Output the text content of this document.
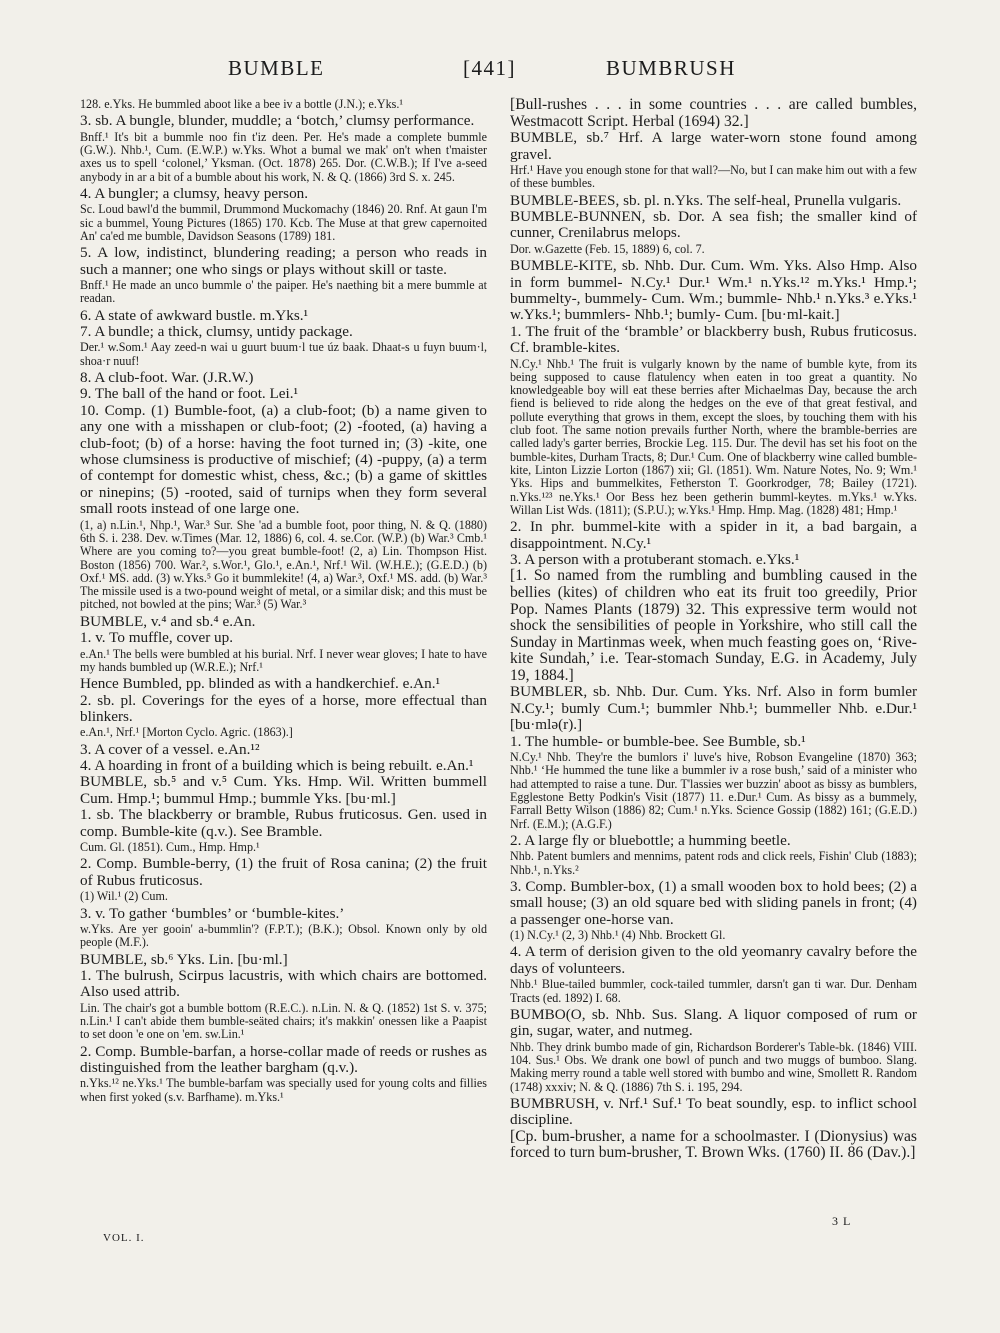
BUMBLE	[441]	BUMBRUSH

128. e.Yks. He bummled aboot like a bee iv a bottle (J.N.); e.Yks.¹

3. sb. A bungle, blunder, muddle; a ‘botch,’ clumsy performance.

Bnff.¹ It's bit a bummle noo fin t'iz deen. Per. He's made a complete bummle (G.W.). Nhb.¹, Cum. (E.W.P.) w.Yks. Whot a bumal we mak' on't when t'maister axes us to spell ‘colonel,’ Yksman. (Oct. 1878) 265. Dor. (C.W.B.); If I've a-seed anybody in ar a bit of a bumble about his work, N. & Q. (1866) 3rd S. x. 245.

4. A bungler; a clumsy, heavy person.

Sc. Loud bawl'd the bummil, Drummond Muckomachy (1846) 20. Rnf. At gaun I'm sic a bummel, Young Pictures (1865) 170. Kcb. The Muse at that grew capernoited An' ca'ed me bumble, Davidson Seasons (1789) 181.

5. A low, indistinct, blundering reading; a person who reads in such a manner; one who sings or plays without skill or taste.

Bnff.¹ He made an unco bummle o' the paiper. He's naething bit a mere bummle at readan.

6. A state of awkward bustle. m.Yks.¹

7. A bundle; a thick, clumsy, untidy package.

Der.¹ w.Som.¹ Aay zeed-n wai u guurt buum·l tue úz baak. Dhaat-s u fuyn buum·l, shoa·r nuuf!

8. A club-foot. War. (J.R.W.)

9. The ball of the hand or foot. Lei.¹

10. Comp. (1) Bumble-foot, (a) a club-foot; (b) a name given to any one with a misshapen or club-foot; (2) -footed, (a) having a club-foot; (b) of a horse: having the foot turned in; (3) -kite, one whose clumsiness is productive of mischief; (4) -puppy, (a) a term of contempt for domestic whist, chess, &c.; (b) a game of skittles or ninepins; (5) -rooted, said of turnips when they form several small roots instead of one large one.

(1, a) n.Lin.¹, Nhp.¹, War.³ Sur. She 'ad a bumble foot, poor thing, N. & Q. (1880) 6th S. i. 238. Dev. w.Times (Mar. 12, 1886) 6, col. 4. se.Cor. (W.P.) (b) War.³ Cmb.¹ Where are you coming to?—you great bumble-foot! (2, a) Lin. Thompson Hist. Boston (1856) 700. War.², s.Wor.¹, Glo.¹, e.An.¹, Nrf.¹ Wil. (W.H.E.); (G.E.D.) (b) Oxf.¹ MS. add. (3) w.Yks.⁵ Go it bummlekite! (4, a) War.³, Oxf.¹ MS. add. (b) War.³ The missile used is a two-pound weight of metal, or a similar disk; and this must be pitched, not bowled at the pins; War.³ (5) War.³

BUMBLE, v.⁴ and sb.⁴ e.An.

1. v. To muffle, cover up.

e.An.¹ The bells were bumbled at his burial. Nrf. I never wear gloves; I hate to have my hands bumbled up (W.R.E.); Nrf.¹

Hence Bumbled, pp. blinded as with a handkerchief. e.An.¹

2. sb. pl. Coverings for the eyes of a horse, more effectual than blinkers.

e.An.¹, Nrf.¹ [Morton Cyclo. Agric. (1863).]

3. A cover of a vessel. e.An.¹²

4. A hoarding in front of a building which is being rebuilt. e.An.¹

BUMBLE, sb.⁵ and v.⁵ Cum. Yks. Hmp. Wil. Written bummell Cum. Hmp.¹; bummul Hmp.; bummle Yks. [bu·ml.]

1. sb. The blackberry or bramble, Rubus fruticosus. Gen. used in comp. Bumble-kite (q.v.). See Bramble.

Cum. Gl. (1851). Cum., Hmp. Hmp.¹

2. Comp. Bumble-berry, (1) the fruit of Rosa canina; (2) the fruit of Rubus fruticosus.

(1) Wil.¹ (2) Cum.

3. v. To gather ‘bumbles’ or ‘bumble-kites.’

w.Yks. Are yer gooin' a-bummlin'? (F.P.T.); (B.K.); Obsol. Known only by old people (M.F.).

BUMBLE, sb.⁶ Yks. Lin. [bu·ml.]

1. The bulrush, Scirpus lacustris, with which chairs are bottomed. Also used attrib.

Lin. The chair's got a bumble bottom (R.E.C.). n.Lin. N. & Q. (1852) 1st S. v. 375; n.Lin.¹ I can't abide them bumble-seäted chairs; it's makkin' onessen like a Paapist to set doon 'e one on 'em. sw.Lin.¹

2. Comp. Bumble-barfan, a horse-collar made of reeds or rushes as distinguished from the leather bargham (q.v.).

n.Yks.¹² ne.Yks.¹ The bumble-barfam was specially used for young colts and fillies when first yoked (s.v. Barfhame). m.Yks.¹

[Bull-rushes . . . in some countries . . . are called bumbles, Westmacott Script. Herbal (1694) 32.]

BUMBLE, sb.⁷ Hrf. A large water-worn stone found among gravel.

Hrf.¹ Have you enough stone for that wall?—No, but I can make him out with a few of these bumbles.

BUMBLE-BEES, sb. pl. n.Yks. The self-heal, Prunella vulgaris.

BUMBLE-BUNNEN, sb. Dor. A sea fish; the smaller kind of cunner, Crenilabrus melops.

Dor. w.Gazette (Feb. 15, 1889) 6, col. 7.

BUMBLE-KITE, sb. Nhb. Dur. Cum. Wm. Yks. Also Hmp. Also in form bummel- N.Cy.¹ Dur.¹ Wm.¹ n.Yks.¹² m.Yks.¹ Hmp.¹; bummelty-, bummely- Cum. Wm.; bummle- Nhb.¹ n.Yks.³ e.Yks.¹ w.Yks.¹; bummlers- Nhb.¹; bumly- Cum. [bu·ml-kait.]

1. The fruit of the ‘bramble’ or blackberry bush, Rubus fruticosus. Cf. bramble-kites.

N.Cy.¹ Nhb.¹ The fruit is vulgarly known by the name of bumble kyte, from its being supposed to cause flatulency when eaten in too great a quantity. No knowledgeable boy will eat these berries after Michaelmas Day, because the arch fiend is believed to ride along the hedges on the eve of that great festival, and pollute everything that grows in them, except the sloes, by touching them with his club foot. The same notion prevails further North, where the bramble-berries are called lady's garter berries, Brockie Leg. 115. Dur. The devil has set his foot on the bumble-kites, Durham Tracts, 8; Dur.¹ Cum. One of blackberry wine called bumble-kite, Linton Lizzie Lorton (1867) xii; Gl. (1851). Wm. Nature Notes, No. 9; Wm.¹ Yks. Hips and bummelkites, Fetherston T. Goorkrodger, 78; Bailey (1721). n.Yks.¹²³ ne.Yks.¹ Oor Bess hez been getherin bumml-keytes. m.Yks.¹ w.Yks. Willan List Wds. (1811); (S.P.U.); w.Yks.¹ Hmp. Hmp. Mag. (1828) 481; Hmp.¹

2. In phr. bummel-kite with a spider in it, a bad bargain, a disappointment. N.Cy.¹

3. A person with a protuberant stomach. e.Yks.¹

[1. So named from the rumbling and bumbling caused in the bellies (kites) of children who eat its fruit too greedily, Prior Pop. Names Plants (1879) 32. This expressive term would not shock the sensibilities of people in Yorkshire, who still call the Sunday in Martinmas week, when much feasting goes on, ‘Rive-kite Sundah,’ i.e. Tear-stomach Sunday, E.G. in Academy, July 19, 1884.]

BUMBLER, sb. Nhb. Dur. Cum. Yks. Nrf. Also in form bumler N.Cy.¹; bumly Cum.¹; bummler Nhb.¹; bummeller Nhb. e.Dur.¹ [bu·mlə(r).]

1. The humble- or bumble-bee. See Bumble, sb.¹

N.Cy.¹ Nhb. They're the bumlors i' luve's hive, Robson Evangeline (1870) 363; Nhb.¹ ‘He hummed the tune like a bummler iv a rose bush,’ said of a minister who had attempted to raise a tune. Dur. T'lassies wer buzzin' aboot as bissy as bumblers, Egglestone Betty Podkin's Visit (1877) 11. e.Dur.¹ Cum. As bissy as a bummely, Farrall Betty Wilson (1886) 82; Cum.¹ n.Yks. Science Gossip (1882) 161; (G.E.D.) Nrf. (E.M.); (A.G.F.)

2. A large fly or bluebottle; a humming beetle.

Nhb. Patent bumlers and mennims, patent rods and click reels, Fishin' Club (1883); Nhb.¹, n.Yks.²

3. Comp. Bumbler-box, (1) a small wooden box to hold bees; (2) a small house; (3) an old square bed with sliding panels in front; (4) a passenger one-horse van.

(1) N.Cy.¹ (2, 3) Nhb.¹ (4) Nhb. Brockett Gl.

4. A term of derision given to the old yeomanry cavalry before the days of volunteers.

Nhb.¹ Blue-tailed bummler, cock-tailed tummler, darsn't gan ti war. Dur. Denham Tracts (ed. 1892) I. 68.

BUMBO(O, sb. Nhb. Sus. Slang. A liquor composed of rum or gin, sugar, water, and nutmeg.

Nhb. They drink bumbo made of gin, Richardson Borderer's Table-bk. (1846) VIII. 104. Sus.¹ Obs. We drank one bowl of punch and two muggs of bumboo. Slang. Making merry round a table well stored with bumbo and wine, Smollett R. Random (1748) xxxiv; N. & Q. (1886) 7th S. i. 195, 294.

BUMBRUSH, v. Nrf.¹ Suf.¹ To beat soundly, esp. to inflict school discipline.

[Cp. bum-brusher, a name for a schoolmaster. I (Dionysius) was forced to turn bum-brusher, T. Brown Wks. (1760) II. 86 (Dav.).]

VOL. I.
3 L
